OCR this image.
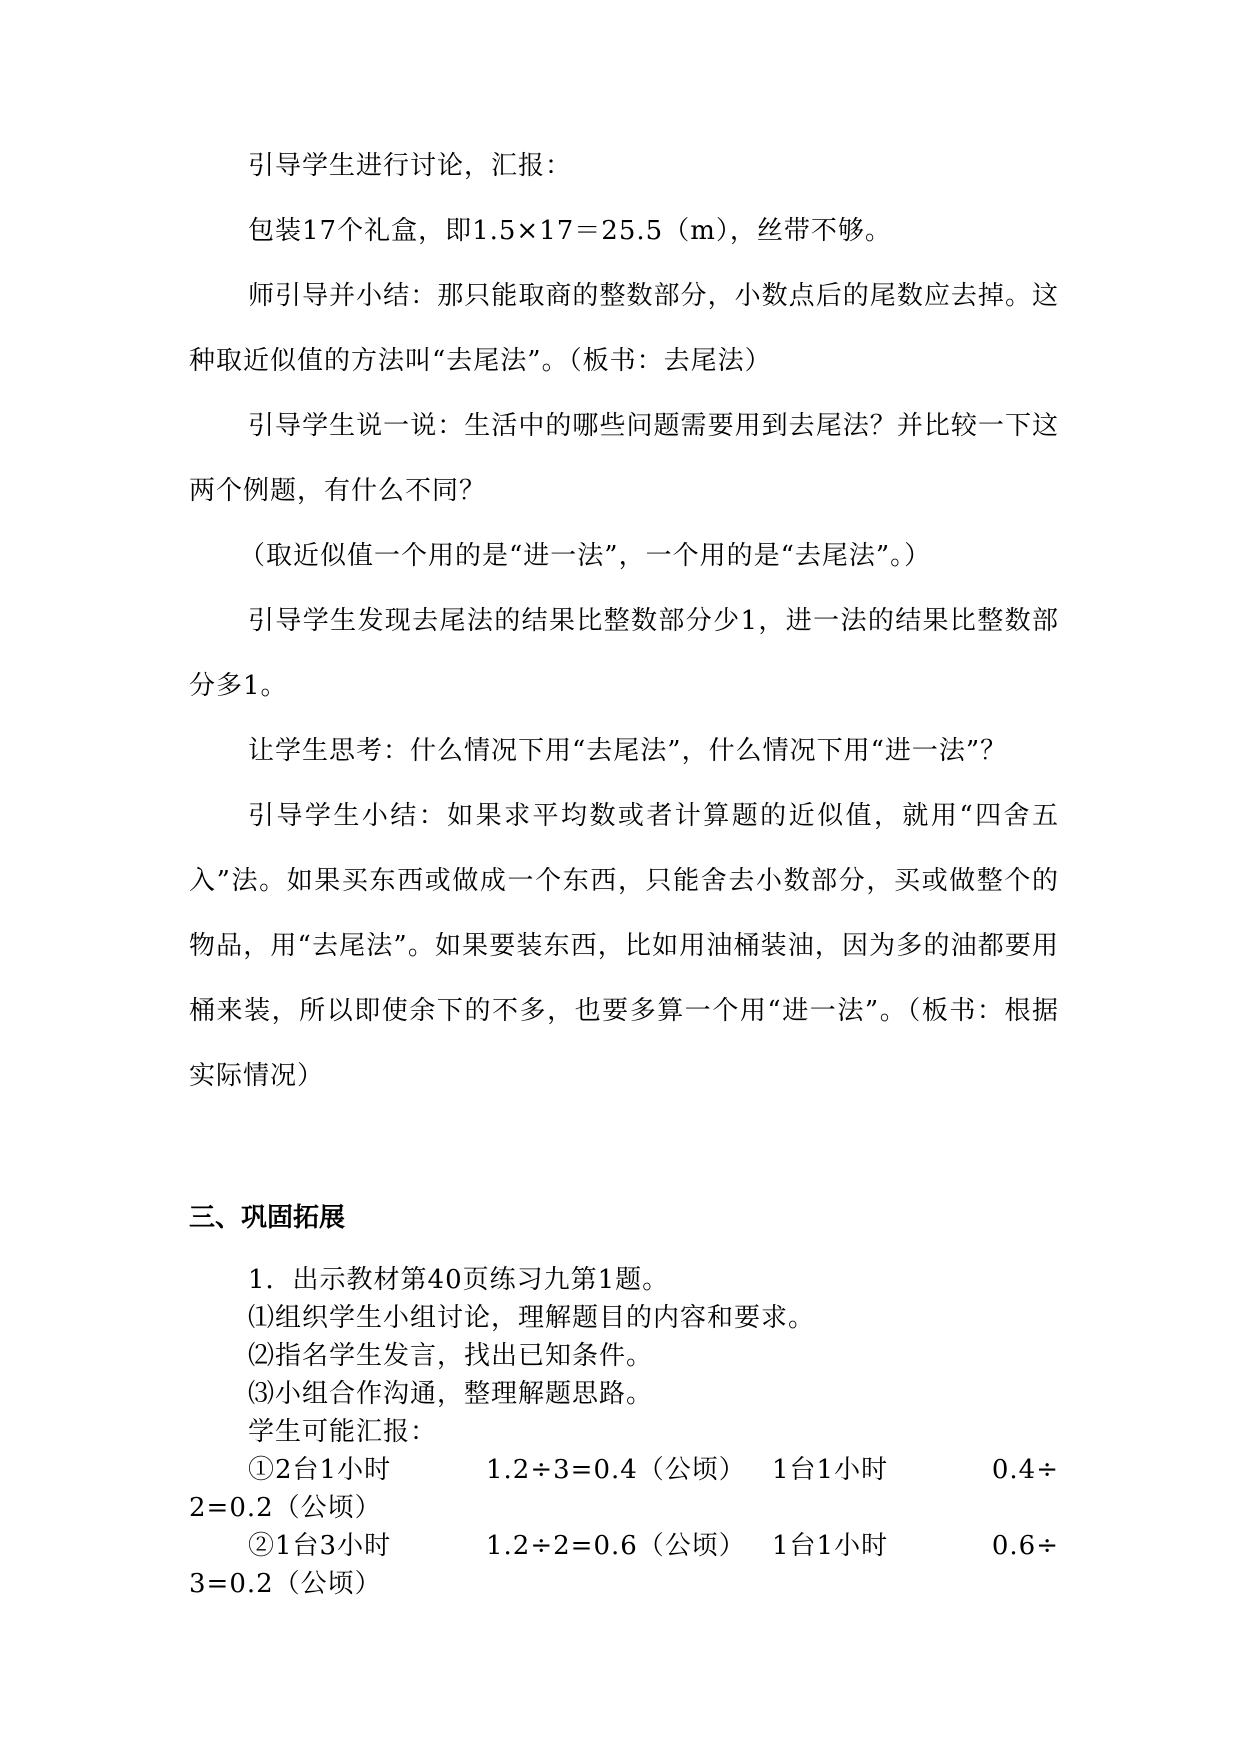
引导学生进行讨论，汇报：

包装17个礼盒，即1.5×17＝25.5（m），丝带不够。

师引导并小结：那只能取商的整数部分，小数点后的尾数应去掉。这种取近似值的方法叫“去尾法”。（板书：去尾法）

引导学生说一说：生活中的哪些问题需要用到去尾法？并比较一下这两个例题，有什么不同？

（取近似值一个用的是“进一法”，一个用的是“去尾法”。）

引导学生发现去尾法的结果比整数部分少1，进一法的结果比整数部分多1。

让学生思考：什么情况下用“去尾法”，什么情况下用“进一法”？

引导学生小结：如果求平均数或者计算题的近似值，就用“四舍五入”法。如果买东西或做成一个东西，只能舍去小数部分，买或做整个的物品，用“去尾法”。如果要装东西，比如用油桶装油，因为多的油都要用桶来装，所以即使余下的不多，也要多算一个用“进一法”。（板书：根据实际情况）

三、巩固拓展

1．出示教材第40页练习九第1题。

⑴组织学生小组讨论，理解题目的内容和要求。

⑵指名学生发言，找出已知条件。

⑶小组合作沟通，整理解题思路。

学生可能汇报：

①2台1小时	1.2÷3=0.4（公顷）	1台1小时	0.4÷

2=0.2（公顷）

②1台3小时	1.2÷2=0.6（公顷）	1台1小时	0.6÷

3=0.2（公顷）
